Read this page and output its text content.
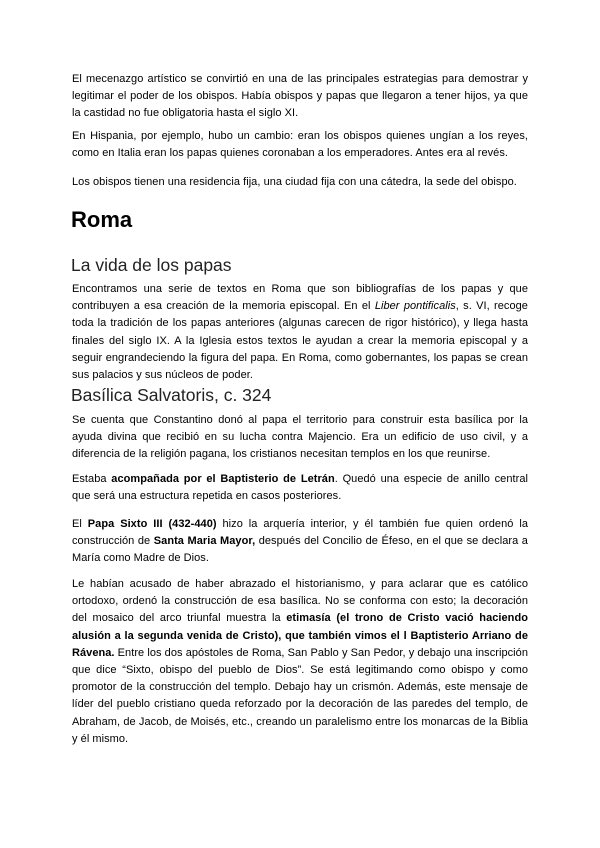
El mecenazgo artístico se convirtió en una de las principales estrategias para demostrar y legitimar el poder de los obispos. Había obispos y papas que llegaron a tener hijos, ya que la castidad no fue obligatoria hasta el siglo XI.

En Hispania, por ejemplo, hubo un cambio: eran los obispos quienes ungían a los reyes, como en Italia eran los papas quienes coronaban a los emperadores. Antes era al revés.

Los obispos tienen una residencia fija, una ciudad fija con una cátedra, la sede del obispo.

Roma
La vida de los papas

Encontramos una serie de textos en Roma que son bibliografías de los papas y que contribuyen a esa creación de la memoria episcopal. En el Liber pontificalis, s. VI, recoge toda la tradición de los papas anteriores (algunas carecen de rigor histórico), y llega hasta finales del siglo IX. A la Iglesia estos textos le ayudan a crear la memoria episcopal y a seguir engrandeciendo la figura del papa. En Roma, como gobernantes, los papas se crean sus palacios y sus núcleos de poder.

Basílica Salvatoris, c. 324

Se cuenta que Constantino donó al papa el territorio para construir esta basílica por la ayuda divina que recibió en su lucha contra Majencio. Era un edificio de uso civil, y a diferencia de la religión pagana, los cristianos necesitan templos en los que reunirse.

Estaba acompañada por el Baptisterio de Letrán. Quedó una especie de anillo central que será una estructura repetida en casos posteriores.

El Papa Sixto III (432-440) hizo la arquería interior, y él también fue quien ordenó la construcción de Santa Maria Mayor, después del Concilio de Éfeso, en el que se declara a María como Madre de Dios.

Le habían acusado de haber abrazado el historianismo, y para aclarar que es católico ortodoxo, ordenó la construcción de esa basílica. No se conforma con esto; la decoración del mosaico del arco triunfal muestra la etimasía (el trono de Cristo vació haciendo alusión a la segunda venida de Cristo), que también vimos el l Baptisterio Arriano de Rávena. Entre los dos apóstoles de Roma, San Pablo y San Pedor, y debajo una inscripción que dice “Sixto, obispo del pueblo de Dios”. Se está legitimando como obispo y como promotor de la construcción del templo. Debajo hay un crismón. Además, este mensaje de líder del pueblo cristiano queda reforzado por la decoración de las paredes del templo, de Abraham, de Jacob, de Moisés, etc., creando un paralelismo entre los monarcas de la Biblia y él mismo.
